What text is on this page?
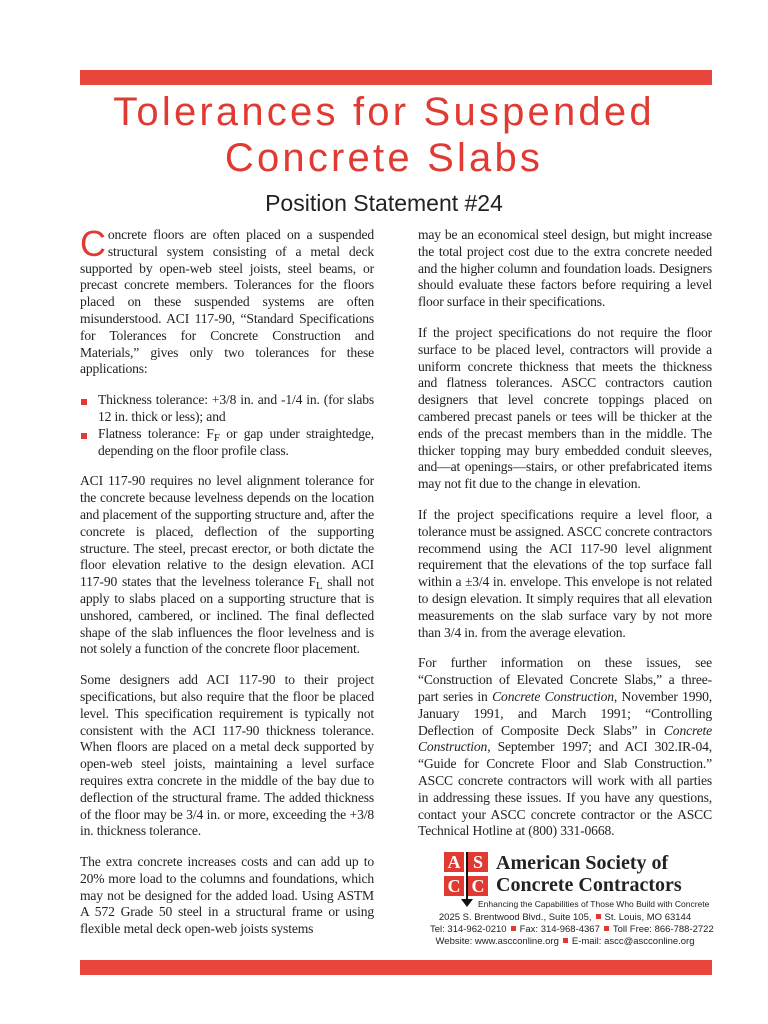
Tolerances for Suspended
Concrete Slabs
Position Statement #24

Concrete floors are often placed on a suspended structural system consisting of a metal deck supported by open-web steel joists, steel beams, or precast concrete members. Tolerances for the floors placed on these suspended systems are often misunderstood. ACI 117-90, “Standard Specifications for Tolerances for Concrete Construction and Materials,” gives only two tolerances for these applications:

Thickness tolerance: +3/8 in. and -1/4 in. (for slabs 12 in. thick or less); and
Flatness tolerance: $F_F$ or gap under straightedge, depending on the floor profile class.

ACI 117-90 requires no level alignment tolerance for the concrete because levelness depends on the location and placement of the supporting structure and, after the concrete is placed, deflection of the supporting structure. The steel, precast erector, or both dictate the floor elevation relative to the design elevation. ACI 117-90 states that the levelness tolerance $F_L$ shall not apply to slabs placed on a supporting structure that is unshored, cambered, or inclined. The final deflected shape of the slab influences the floor levelness and is not solely a function of the concrete floor placement.

Some designers add ACI 117-90 to their project specifications, but also require that the floor be placed level. This specification requirement is typically not consistent with the ACI 117-90 thickness tolerance. When floors are placed on a metal deck supported by open-web steel joists, maintaining a level surface requires extra concrete in the middle of the bay due to deflection of the structural frame. The added thickness of the floor may be 3/4 in. or more, exceeding the +3/8 in. thickness tolerance.

The extra concrete increases costs and can add up to 20% more load to the columns and foundations, which may not be designed for the added load. Using ASTM A 572 Grade 50 steel in a structural frame or using flexible metal deck open-web joists systems

may be an economical steel design, but might increase the total project cost due to the extra concrete needed and the higher column and foundation loads. Designers should evaluate these factors before requiring a level floor surface in their specifications.

If the project specifications do not require the floor surface to be placed level, contractors will provide a uniform concrete thickness that meets the thickness and flatness tolerances. ASCC contractors caution designers that level concrete toppings placed on cambered precast panels or tees will be thicker at the ends of the precast members than in the middle. The thicker topping may bury embedded conduit sleeves, and—at openings—stairs, or other prefabricated items may not fit due to the change in elevation.

If the project specifications require a level floor, a tolerance must be assigned. ASCC concrete contractors recommend using the ACI 117-90 level alignment requirement that the elevations of the top surface fall within a ±3/4 in. envelope. This envelope is not related to design elevation. It simply requires that all elevation measurements on the slab surface vary by not more than 3/4 in. from the average elevation.

For further information on these issues, see “Construction of Elevated Concrete Slabs,” a three-part series in Concrete Construction, November 1990, January 1991, and March 1991; “Controlling Deflection of Composite Deck Slabs” in Concrete Construction, September 1997; and ACI 302.IR-04, “Guide for Concrete Floor and Slab Construction.” ASCC concrete contractors will work with all parties in addressing these issues. If you have any questions, contact your ASCC concrete contractor or the ASCC Technical Hotline at (800) 331-0668.

A S
C C
American Society of
Concrete Contractors
Enhancing the Capabilities of Those Who Build with Concrete
2025 S. Brentwood Blvd., Suite 105, St. Louis, MO 63144
Tel: 314-962-0210 Fax: 314-968-4367 Toll Free: 866-788-2722
Website: www.ascconline.org E-mail: ascc@ascconline.org
